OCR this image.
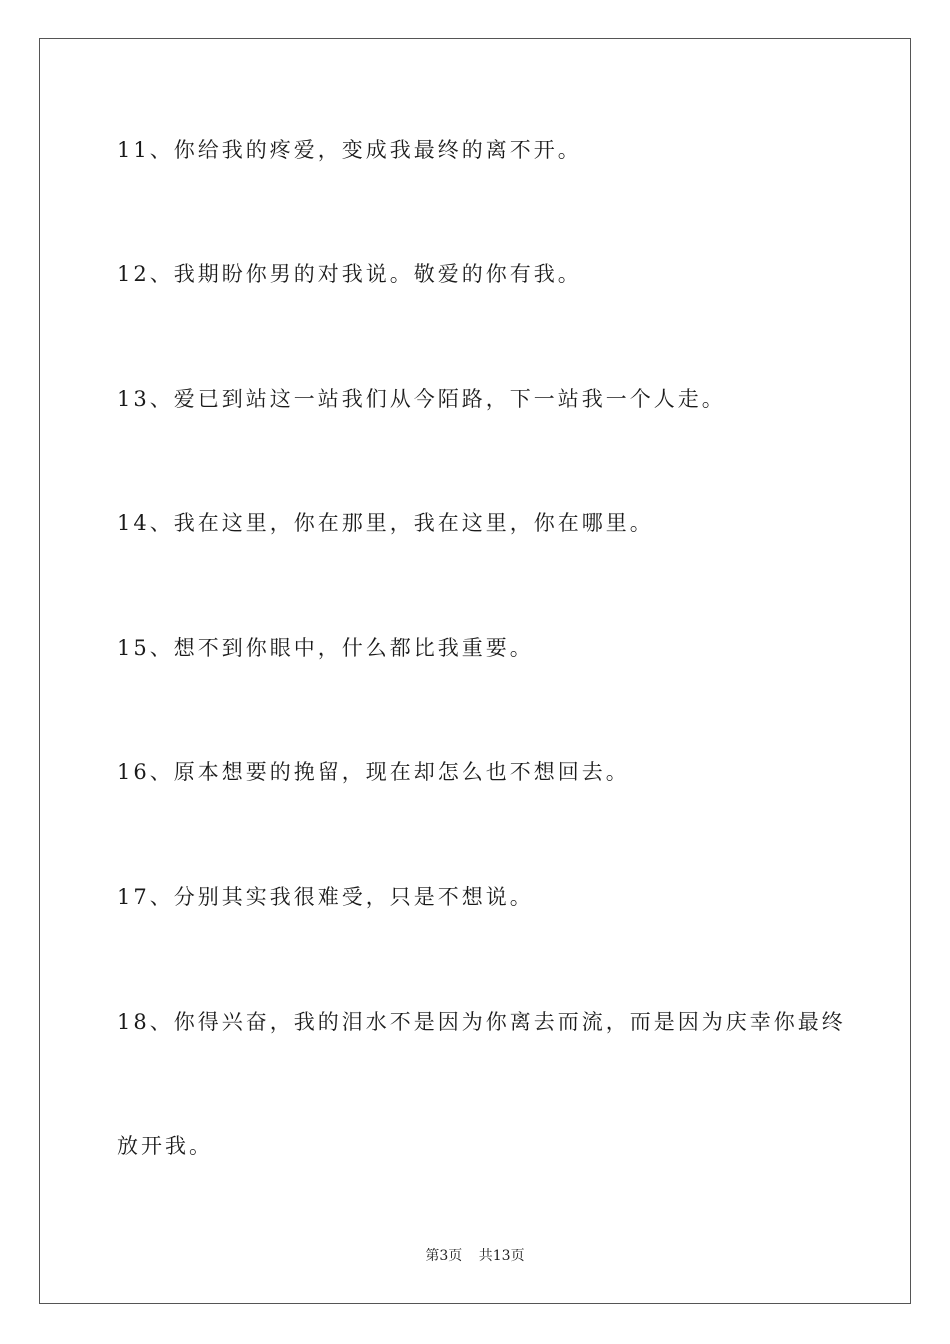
11、你给我的疼爱，变成我最终的离不开。
12、我期盼你男的对我说。敬爱的你有我。
13、爱已到站这一站我们从今陌路，下一站我一个人走。
14、我在这里，你在那里，我在这里，你在哪里。
15、想不到你眼中，什么都比我重要。
16、原本想要的挽留，现在却怎么也不想回去。
17、分别其实我很难受，只是不想说。
18、你得兴奋，我的泪水不是因为你离去而流，而是因为庆幸你最终
放开我。
第3页 共13页
